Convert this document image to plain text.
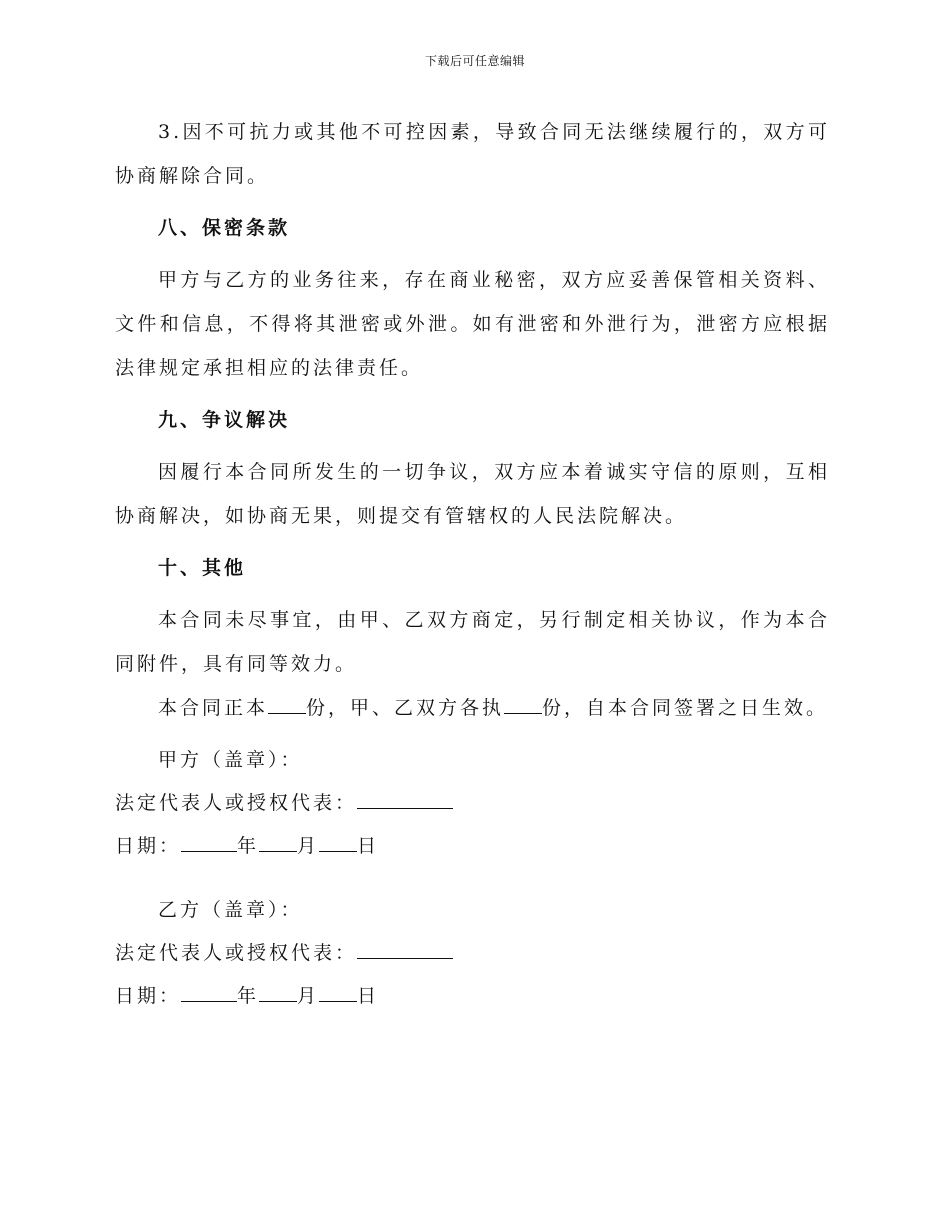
下载后可任意编辑

3.因不可抗力或其他不可控因素，导致合同无法继续履行的，双方可协商解除合同。

八、保密条款

甲方与乙方的业务往来，存在商业秘密，双方应妥善保管相关资料、文件和信息，不得将其泄密或外泄。如有泄密和外泄行为，泄密方应根据法律规定承担相应的法律责任。

九、争议解决

因履行本合同所发生的一切争议，双方应本着诚实守信的原则，互相协商解决，如协商无果，则提交有管辖权的人民法院解决。

十、其他

本合同未尽事宜，由甲、乙双方商定，另行制定相关协议，作为本合同附件，具有同等效力。

本合同正本 份，甲、乙双方各执 份，自本合同签署之日生效。

甲方（盖章）：

法定代表人或授权代表：

日期：	年 月 日

乙方（盖章）：

法定代表人或授权代表：

日期：	年 月 日
